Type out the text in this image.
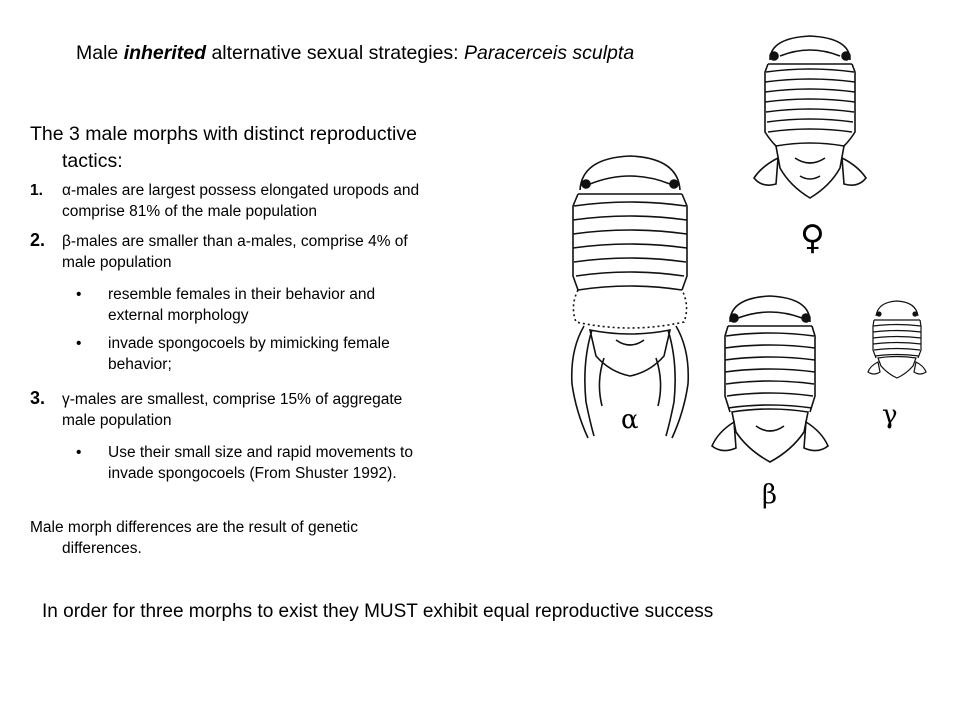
Male inherited alternative sexual strategies: Paracerceis sculpta
The 3 male morphs with distinct reproductive
tactics:
1. α-males are largest possess elongated uropods and
comprise 81% of the male population
2. β-males are smaller than a-males, comprise 4% of
male population
• resemble females in their behavior and
external morphology
• invade spongocoels by mimicking female
behavior;
3. γ-males are smallest, comprise 15% of aggregate
male population
• Use their small size and rapid movements to
invade spongocoels (From Shuster 1992).
Male morph differences are the result of genetic
differences.
In order for three morphs to exist they MUST exhibit equal reproductive success
♀
α
β
γ
